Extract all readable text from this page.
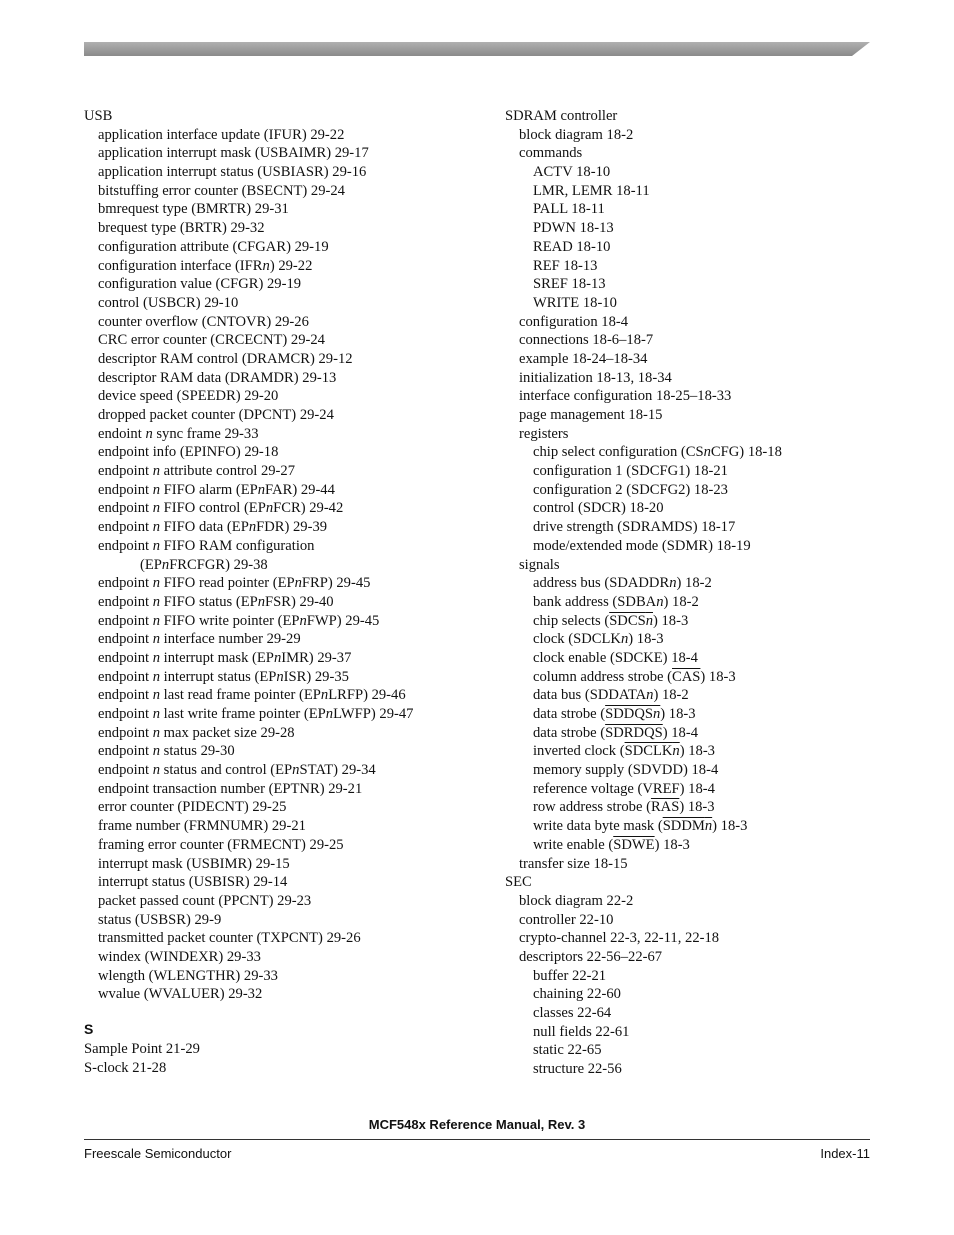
USB
application interface update (IFUR) 29-22
application interrupt mask (USBAIMR) 29-17
application interrupt status (USBIASR) 29-16
bitstuffing error counter (BSECNT) 29-24
bmrequest type (BMRTR) 29-31
brequest type (BRTR) 29-32
configuration attribute (CFGAR) 29-19
configuration interface (IFRn) 29-22
configuration value (CFGR) 29-19
control (USBCR) 29-10
counter overflow (CNTOVR) 29-26
CRC error counter (CRCECNT) 29-24
descriptor RAM control (DRAMCR) 29-12
descriptor RAM data (DRAMDR) 29-13
device speed (SPEEDR) 29-20
dropped packet counter (DPCNT) 29-24
endoint n sync frame 29-33
endpoint info (EPINFO) 29-18
endpoint n attribute control 29-27
endpoint n FIFO alarm (EPnFAR) 29-44
endpoint n FIFO control (EPnFCR) 29-42
endpoint n FIFO data (EPnFDR) 29-39
endpoint n FIFO RAM configuration
(EPnFRCFGR) 29-38
endpoint n FIFO read pointer (EPnFRP) 29-45
endpoint n FIFO status (EPnFSR) 29-40
endpoint n FIFO write pointer (EPnFWP) 29-45
endpoint n interface number 29-29
endpoint n interrupt mask (EPnIMR) 29-37
endpoint n interrupt status (EPnISR) 29-35
endpoint n last read frame pointer (EPnLRFP) 29-46
endpoint n last write frame pointer (EPnLWFP) 29-47
endpoint n max packet size 29-28
endpoint n status 29-30
endpoint n status and control (EPnSTAT) 29-34
endpoint transaction number (EPTNR) 29-21
error counter (PIDECNT) 29-25
frame number (FRMNUMR) 29-21
framing error counter (FRMECNT) 29-25
interrupt mask (USBIMR) 29-15
interrupt status (USBISR) 29-14
packet passed count (PPCNT) 29-23
status (USBSR) 29-9
transmitted packet counter (TXPCNT) 29-26
windex (WINDEXR) 29-33
wlength (WLENGTHR) 29-33
wvalue (WVALUER) 29-32
S
Sample Point 21-29
S-clock 21-28
SDRAM controller
block diagram 18-2
commands
ACTV 18-10
LMR, LEMR 18-11
PALL 18-11
PDWN 18-13
READ 18-10
REF 18-13
SREF 18-13
WRITE 18-10
configuration 18-4
connections 18-6–18-7
example 18-24–18-34
initialization 18-13, 18-34
interface configuration 18-25–18-33
page management 18-15
registers
chip select configuration (CSnCFG) 18-18
configuration 1 (SDCFG1) 18-21
configuration 2 (SDCFG2) 18-23
control (SDCR) 18-20
drive strength (SDRAMDS) 18-17
mode/extended mode (SDMR) 18-19
signals
address bus (SDADDRn) 18-2
bank address (SDBAn) 18-2
chip selects (SDCSn) 18-3
clock (SDCLKn) 18-3
clock enable (SDCKE) 18-4
column address strobe $(\overline{CAS})$ 18-3
data bus (SDDATAn) 18-2
data strobe (SDDQSn) 18-3
data strobe (SDRDQS) 18-4
inverted clock (SDCLKn) 18-3
memory supply (SDVDD) 18-4
reference voltage (VREF) 18-4
row address strobe $(\overline{RAS})$ 18-3
write data byte mask (SDDMn) 18-3
write enable (SDWE) 18-3
transfer size 18-15
SEC
block diagram 22-2
controller 22-10
crypto-channel 22-3, 22-11, 22-18
descriptors 22-56–22-67
buffer 22-21
chaining 22-60
classes 22-64
null fields 22-61
static 22-65
structure 22-56
MCF548x Reference Manual, Rev. 3
Freescale Semiconductor	Index-11
